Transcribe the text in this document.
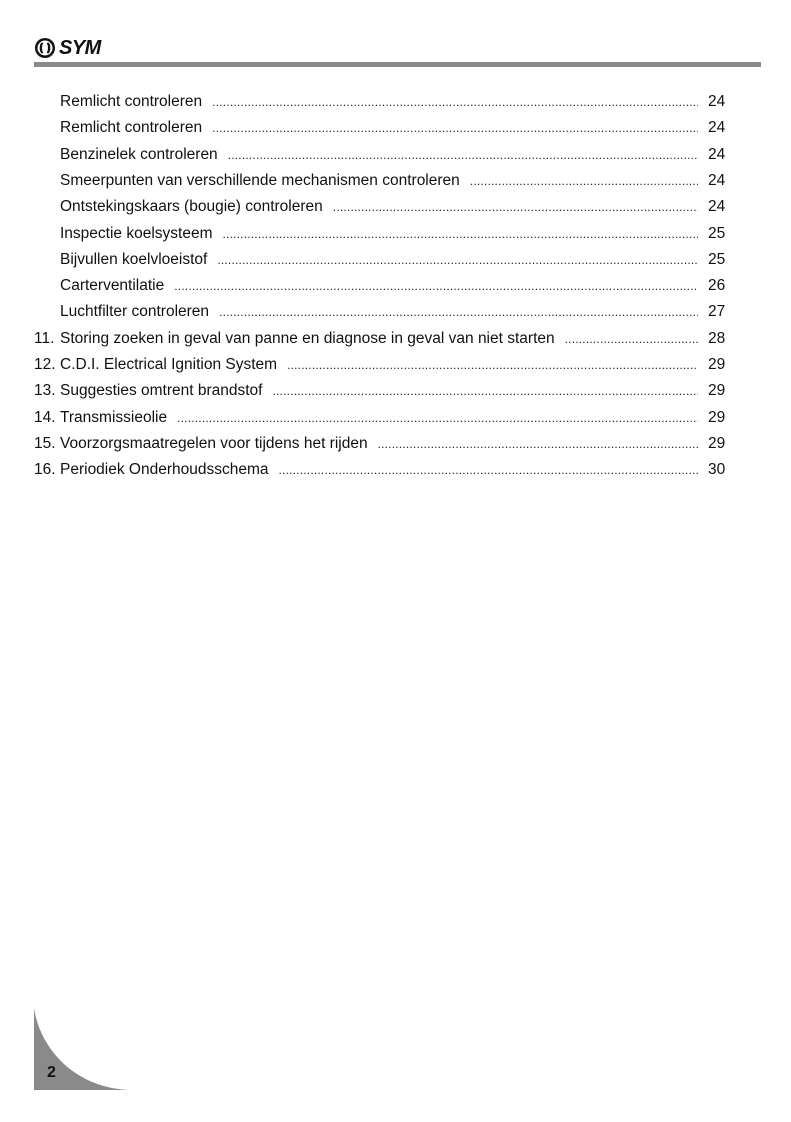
SYM
Remlicht controleren .....	24
Remlicht controleren .....	24
Benzinelek controleren .....	24
Smeerpunten van verschillende mechanismen controleren .....	24
Ontstekingskaars (bougie) controleren .....	24
Inspectie koelsysteem .....	25
Bijvullen koelvloeistof .....	25
Carterventilatie .....	26
Luchtfilter controleren .....	27
11. Storing zoeken in geval van panne en diagnose in geval van niet starten .....	28
12. C.D.I. Electrical Ignition System .....	29
13. Suggesties omtrent brandstof .....	29
14. Transmissieolie .....	29
15. Voorzorgsmaatregelen voor tijdens het rijden .....	29
16. Periodiek Onderhoudsschema .....	30
2
